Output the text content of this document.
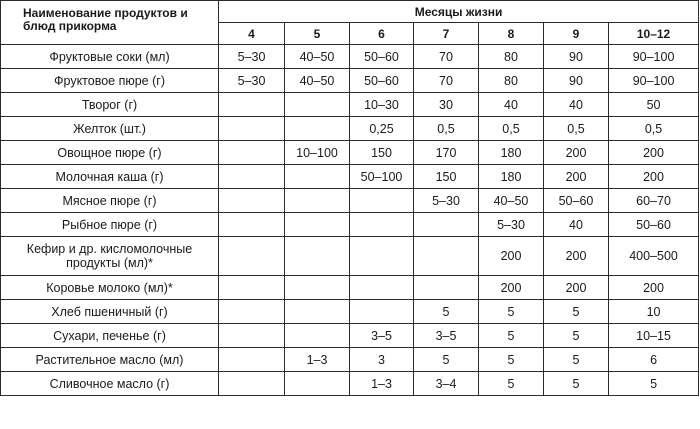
Наименование продуктов и блюд прикорма	Месяцы жизни						
	4	5	6	7	8	9	10–12
Фруктовые соки (мл)	5–30	40–50	50–60	70	80	90	90–100
Фруктовое пюре (г)	5–30	40–50	50–60	70	80	90	90–100
Творог (г)			10–30	30	40	40	50
Желток (шт.)			0,25	0,5	0,5	0,5	0,5
Овощное пюре (г)		10–100	150	170	180	200	200
Молочная каша (г)			50–100	150	180	200	200
Мясное пюре (г)				5–30	40–50	50–60	60–70
Рыбное пюре (г)					5–30	40	50–60
Кефир и др. кисломолочные продукты (мл)*					200	200	400–500
Коровье молоко (мл)*					200	200	200
Хлеб пшеничный (г)				5	5	5	10
Сухари, печенье (г)			3–5	3–5	5	5	10–15
Растительное масло (мл)		1–3	3	5	5	5	6
Сливочное масло (г)			1–3	3–4	5	5	5
